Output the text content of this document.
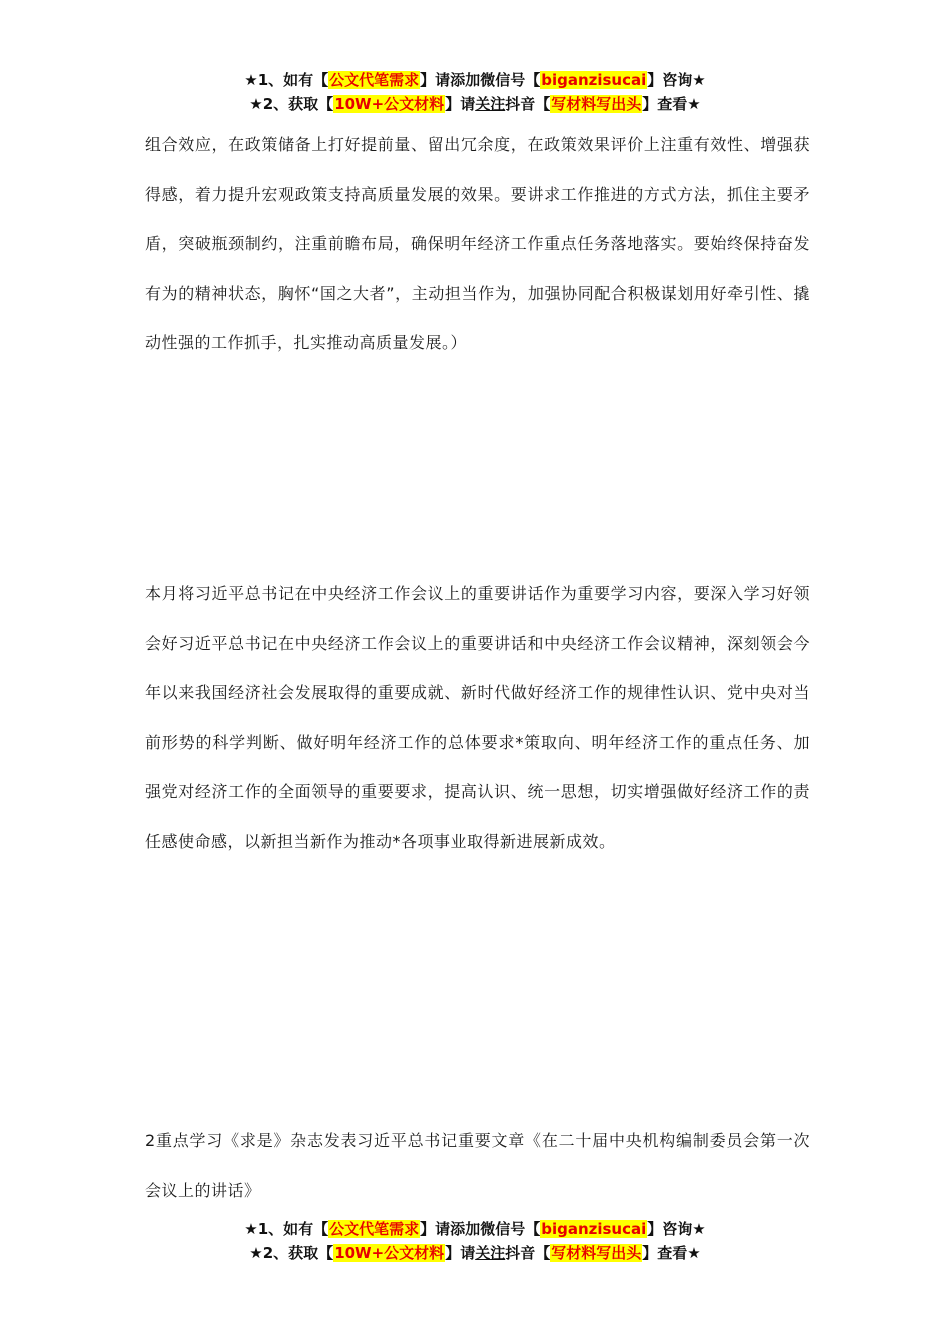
★1、如有【公文代笔需求】请添加微信号【biganzisucai】咨询★
★2、获取【10W+公文材料】请关注抖音【写材料写出头】查看★

组合效应，在政策储备上打好提前量、留出冗余度，在政策效果评价上注重有效性、增强获得感，着力提升宏观政策支持高质量发展的效果。要讲求工作推进的方式方法，抓住主要矛盾，突破瓶颈制约，注重前瞻布局，确保明年经济工作重点任务落地落实。要始终保持奋发有为的精神状态，胸怀“国之大者”，主动担当作为，加强协同配合积极谋划用好牵引性、撬动性强的工作抓手，扎实推动高质量发展。）

本月将习近平总书记在中央经济工作会议上的重要讲话作为重要学习内容，要深入学习好领会好习近平总书记在中央经济工作会议上的重要讲话和中央经济工作会议精神，深刻领会今年以来我国经济社会发展取得的重要成就、新时代做好经济工作的规律性认识、党中央对当前形势的科学判断、做好明年经济工作的总体要求*策取向、明年经济工作的重点任务、加强党对经济工作的全面领导的重要要求，提高认识、统一思想，切实增强做好经济工作的责任感使命感，以新担当新作为推动*各项事业取得新进展新成效。

2重点学习《求是》杂志发表习近平总书记重要文章《在二十届中央机构编制委员会第一次会议上的讲话》

★1、如有【公文代笔需求】请添加微信号【biganzisucai】咨询★
★2、获取【10W+公文材料】请关注抖音【写材料写出头】查看★
